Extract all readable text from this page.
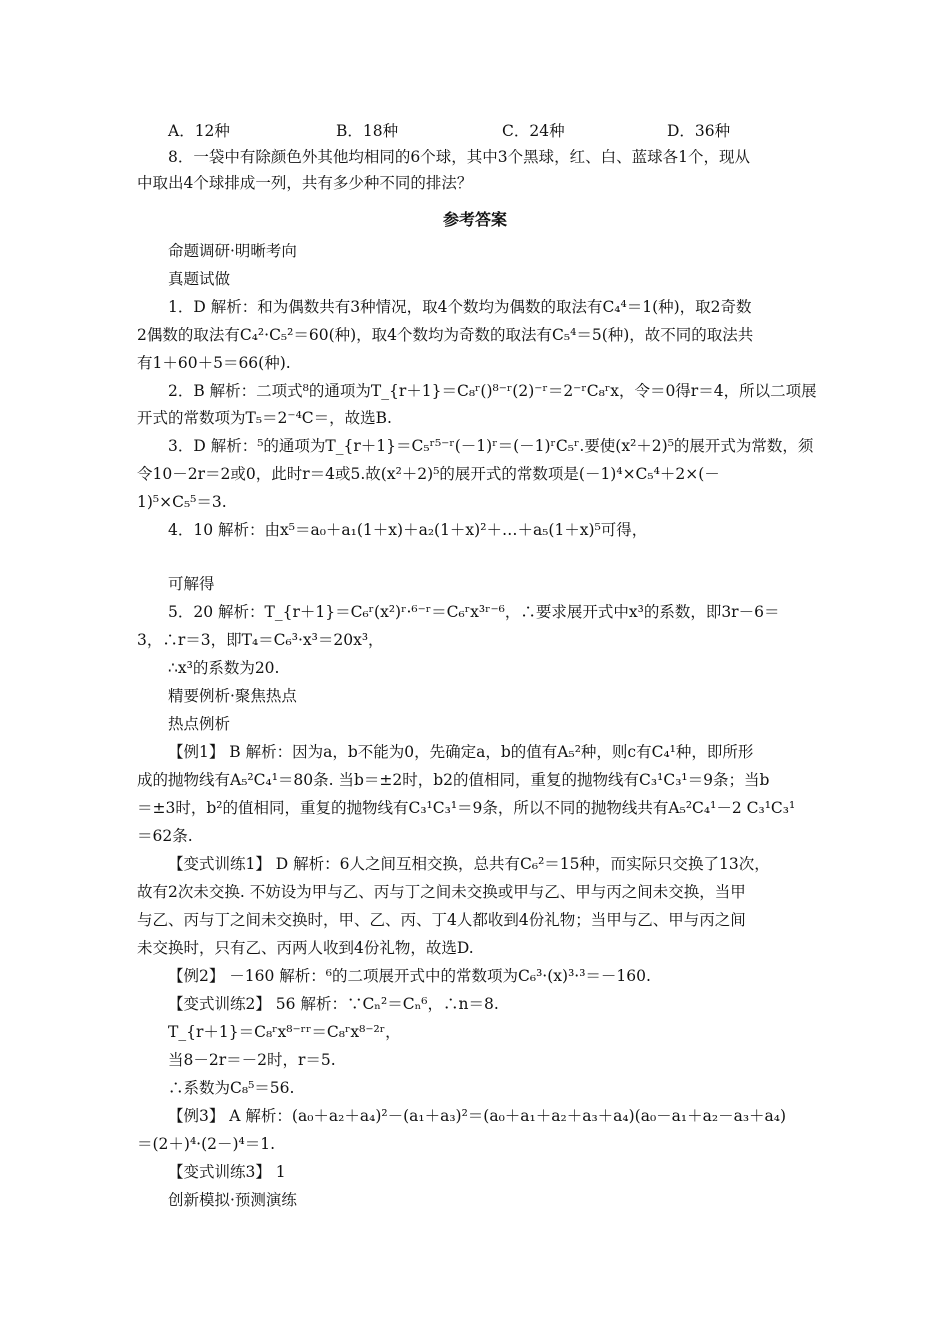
A．12种	B．18种	C．24种	D．36种
8．一袋中有除颜色外其他均相同的6个球，其中3个黑球，红、白、蓝球各1个，现从
中取出4个球排成一列，共有多少种不同的排法？
参考答案
命题调研·明晰考向
真题试做
1．D 解析：和为偶数共有3种情况，取4个数均为偶数的取法有C₄⁴＝1(种)，取2奇数
2偶数的取法有C₄²·C₅²＝60(种)，取4个数均为奇数的取法有C₅⁴＝5(种)，故不同的取法共
有1＋60＋5＝66(种).
2．B 解析：二项式⁸的通项为T_{r＋1}＝C₈ʳ()⁸⁻ʳ(2)⁻ʳ＝2⁻ʳC₈ʳx，令＝0得r＝4，所以二项展
开式的常数项为T₅＝2⁻⁴C＝，故选B.
3．D 解析：⁵的通项为T_{r＋1}＝C₅ʳ⁵⁻ʳ(－1)ʳ＝(－1)ʳC₅ʳ.要使(x²＋2)⁵的展开式为常数，须
令10－2r＝2或0，此时r＝4或5.故(x²＋2)⁵的展开式的常数项是(－1)⁴×C₅⁴＋2×(－
1)⁵×C₅⁵＝3.
4．10 解析：由x⁵＝a₀＋a₁(1＋x)＋a₂(1＋x)²＋…＋a₅(1＋x)⁵可得，
可解得
5．20 解析：T_{r＋1}＝C₆ʳ(x²)ʳ·⁶⁻ʳ＝C₆ʳx³ʳ⁻⁶，∴要求展开式中x³的系数，即3r－6＝
3，∴r＝3，即T₄＝C₆³·x³＝20x³，
∴x³的系数为20.
精要例析·聚焦热点
热点例析
【例1】 B 解析：因为a，b不能为0，先确定a，b的值有A₅²种，则c有C₄¹种，即所形
成的抛物线有A₅²C₄¹＝80条. 当b＝±2时，b2的值相同，重复的抛物线有C₃¹C₃¹＝9条；当b
＝±3时，b²的值相同，重复的抛物线有C₃¹C₃¹＝9条，所以不同的抛物线共有A₅²C₄¹－2 C₃¹C₃¹
＝62条.
【变式训练1】 D 解析：6人之间互相交换，总共有C₆²＝15种，而实际只交换了13次，
故有2次未交换. 不妨设为甲与乙、丙与丁之间未交换或甲与乙、甲与丙之间未交换，当甲
与乙、丙与丁之间未交换时，甲、乙、丙、丁4人都收到4份礼物；当甲与乙、甲与丙之间
未交换时，只有乙、丙两人收到4份礼物，故选D.
【例2】 －160 解析：⁶的二项展开式中的常数项为C₆³·(x)³·³＝－160.
【变式训练2】 56 解析：∵Cₙ²＝Cₙ⁶，∴n＝8.
T_{r＋1}＝C₈ʳx⁸⁻ʳʳ＝C₈ʳx⁸⁻²ʳ，
当8－2r＝－2时，r＝5.
∴系数为C₈⁵＝56.
【例3】 A 解析：(a₀＋a₂＋a₄)²－(a₁＋a₃)²＝(a₀＋a₁＋a₂＋a₃＋a₄)(a₀－a₁＋a₂－a₃＋a₄)
＝(2＋)⁴·(2－)⁴＝1.
【变式训练3】 1
创新模拟·预测演练
